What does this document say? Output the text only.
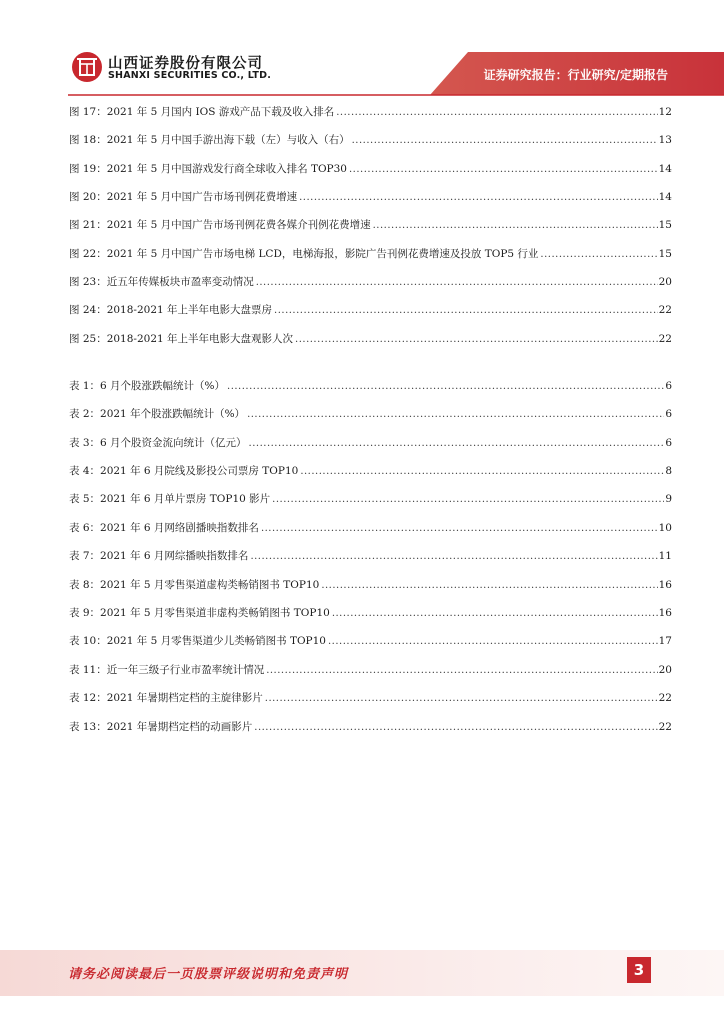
山西证券股份有限公司
SHANXI SECURITIES CO., LTD.	证券研究报告：行业研究/定期报告
图 17：2021 年 5 月国内 IOS 游戏产品下载及收入排名 .....	12
图 18：2021 年 5 月中国手游出海下载（左）与收入（右） .....	13
图 19：2021 年 5 月中国游戏发行商全球收入排名 TOP30 .....	14
图 20：2021 年 5 月中国广告市场刊例花费增速 .....	14
图 21：2021 年 5 月中国广告市场刊例花费各媒介刊例花费增速 .....	15
图 22：2021 年 5 月中国广告市场电梯 LCD，电梯海报，影院广告刊例花费增速及投放 TOP5 行业 .....	15
图 23：近五年传媒板块市盈率变动情况 .....	20
图 24：2018-2021 年上半年电影大盘票房 .....	22
图 25：2018-2021 年上半年电影大盘观影人次 .....	22
表 1：6 月个股涨跌幅统计（%） .....	6
表 2：2021 年个股涨跌幅统计（%） .....	6
表 3：6 月个股资金流向统计（亿元） .....	6
表 4：2021 年 6 月院线及影投公司票房 TOP10 .....	8
表 5：2021 年 6 月单片票房 TOP10 影片 .....	9
表 6：2021 年 6 月网络剧播映指数排名 .....	10
表 7：2021 年 6 月网综播映指数排名 .....	11
表 8：2021 年 5 月零售渠道虚构类畅销图书 TOP10 .....	16
表 9：2021 年 5 月零售渠道非虚构类畅销图书 TOP10 .....	16
表 10：2021 年 5 月零售渠道少儿类畅销图书 TOP10 .....	17
表 11：近一年三级子行业市盈率统计情况 .....	20
表 12：2021 年暑期档定档的主旋律影片 .....	22
表 13：2021 年暑期档定档的动画影片 .....	22
请务必阅读最后一页股票评级说明和免责声明	3
